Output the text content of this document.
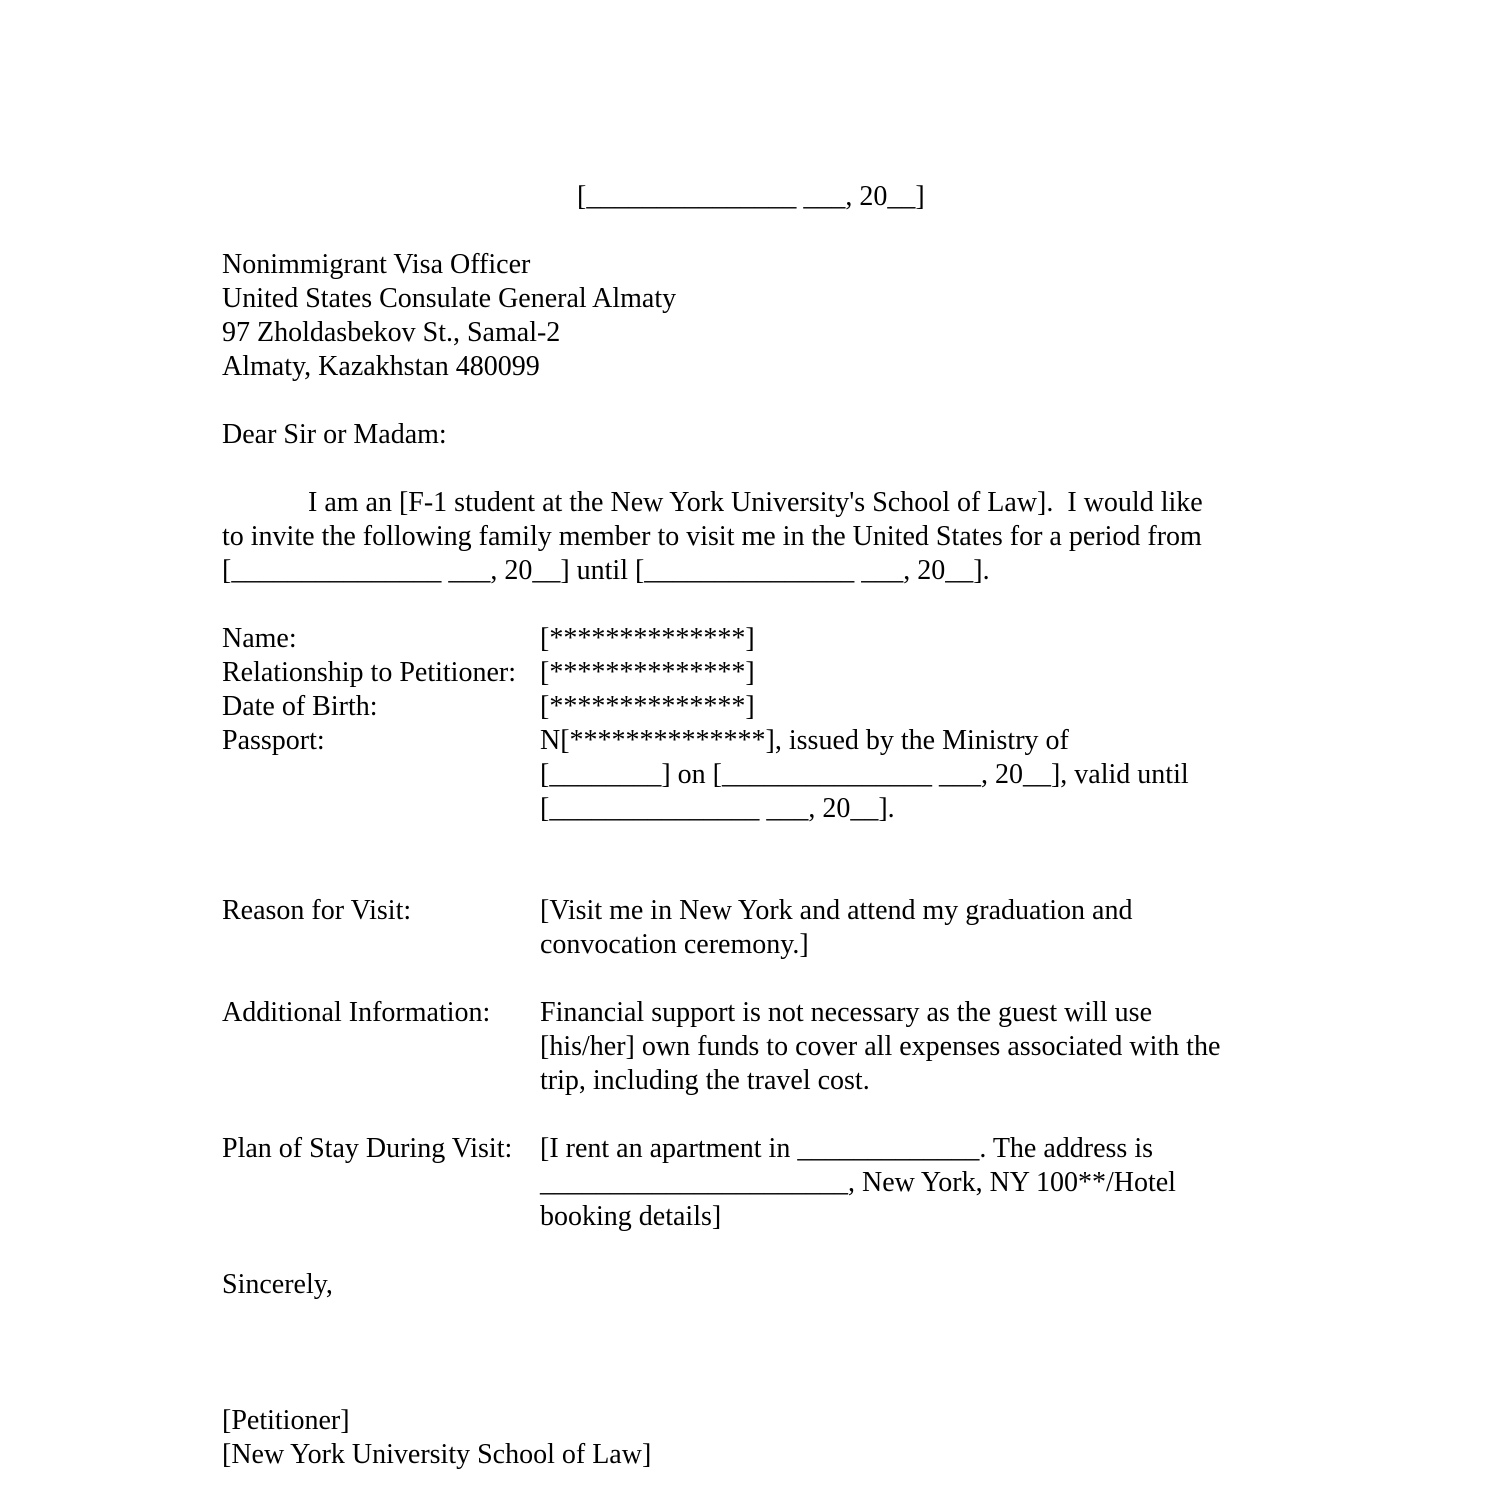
[_______________ ___, 20__]
Nonimmigrant Visa Officer
United States Consulate General Almaty
97 Zholdasbekov St., Samal-2
Almaty, Kazakhstan 480099
Dear Sir or Madam:
I am an [F-1 student at the New York University's School of Law].  I would like
to invite the following family member to visit me in the United States for a period from
[_______________ ___, 20__] until [_______________ ___, 20__].
Name:	[**************]
Relationship to Petitioner: [**************]
Date of Birth:	[**************]
Passport:	N[**************], issued by the Ministry of
[________] on [_______________ ___, 20__], valid until
[_______________ ___, 20__].
Reason for Visit:	[Visit me in New York and attend my graduation and
convocation ceremony.]
Additional Information:	Financial support is not necessary as the guest will use
[his/her] own funds to cover all expenses associated with the
trip, including the travel cost.
Plan of Stay During Visit: [I rent an apartment in _____________. The address is
______________________, New York, NY 100**/Hotel
booking details]
Sincerely,
[Petitioner]
[New York University School of Law]
